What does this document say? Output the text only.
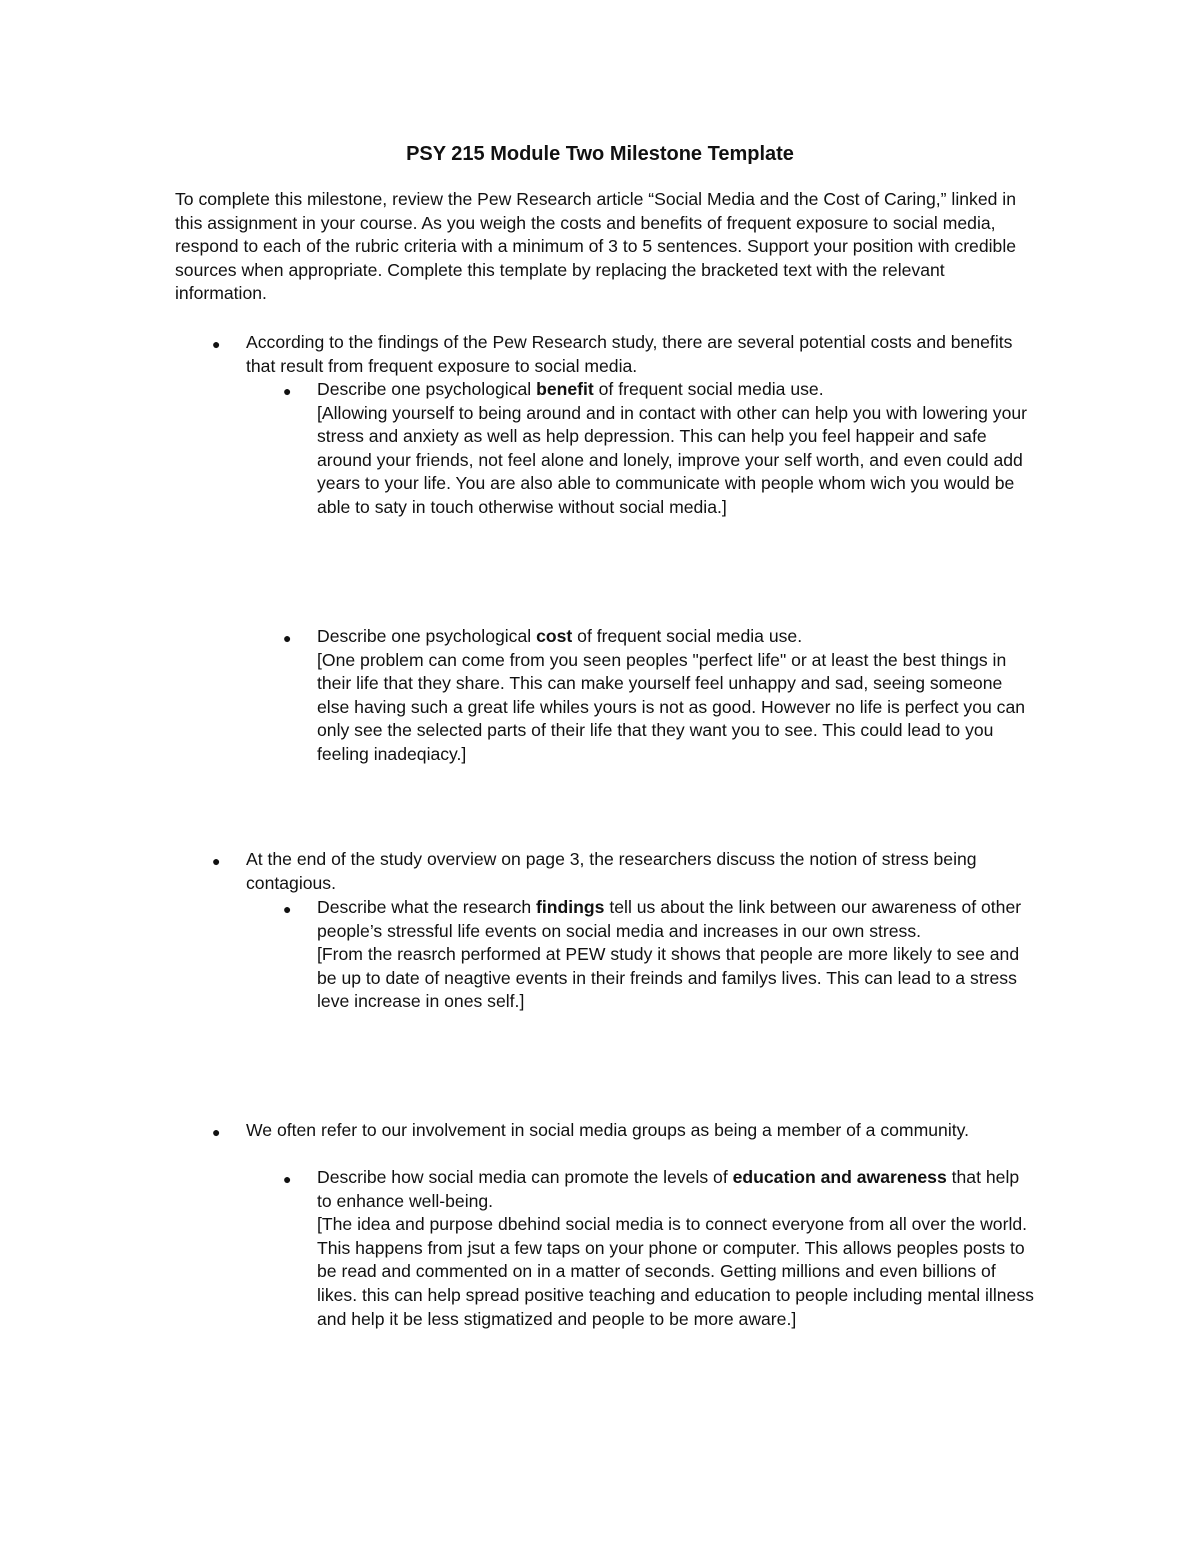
PSY 215 Module Two Milestone Template

To complete this milestone, review the Pew Research article “Social Media and the Cost of Caring,” linked in this assignment in your course. As you weigh the costs and benefits of frequent exposure to social media, respond to each of the rubric criteria with a minimum of 3 to 5 sentences. Support your position with credible sources when appropriate. Complete this template by replacing the bracketed text with the relevant information.

● According to the findings of the Pew Research study, there are several potential costs and benefits that result from frequent exposure to social media.

● Describe one psychological benefit of frequent social media use.
[Allowing yourself to being around and in contact with other can help you with lowering your stress and anxiety as well as help depression. This can help you feel happeir and safe around your friends, not feel alone and lonely, improve your self worth, and even could add years to your life. You are also able to communicate with people whom wich you would be able to saty in touch otherwise without social media.]
● Describe one psychological cost of frequent social media use.
[One problem can come from you seen peoples "perfect life" or at least the best things in their life that they share. This can make yourself feel unhappy and sad, seeing someone else having such a great life whiles yours is not as good. However no life is perfect you can only see the selected parts of their life that they want you to see. This could lead to you feeling inadeqiacy.]
● At the end of the study overview on page 3, the researchers discuss the notion of stress being contagious.

● Describe what the research findings tell us about the link between our awareness of other people’s stressful life events on social media and increases in our own stress.
[From the reasrch performed at PEW study it shows that people are more likely to see and be up to date of neagtive events in their freinds and familys lives. This can lead to a stress leve increase in ones self.]
● We often refer to our involvement in social media groups as being a member of a community.

● Describe how social media can promote the levels of education and awareness that help to enhance well-being.
[The idea and purpose dbehind social media is to connect everyone from all over the world. This happens from jsut a few taps on your phone or computer. This allows peoples posts to be read and commented on in a matter of seconds. Getting millions and even billions of likes. this can help spread positive teaching and education to people including mental illness and help it be less stigmatized and people to be more aware.]
